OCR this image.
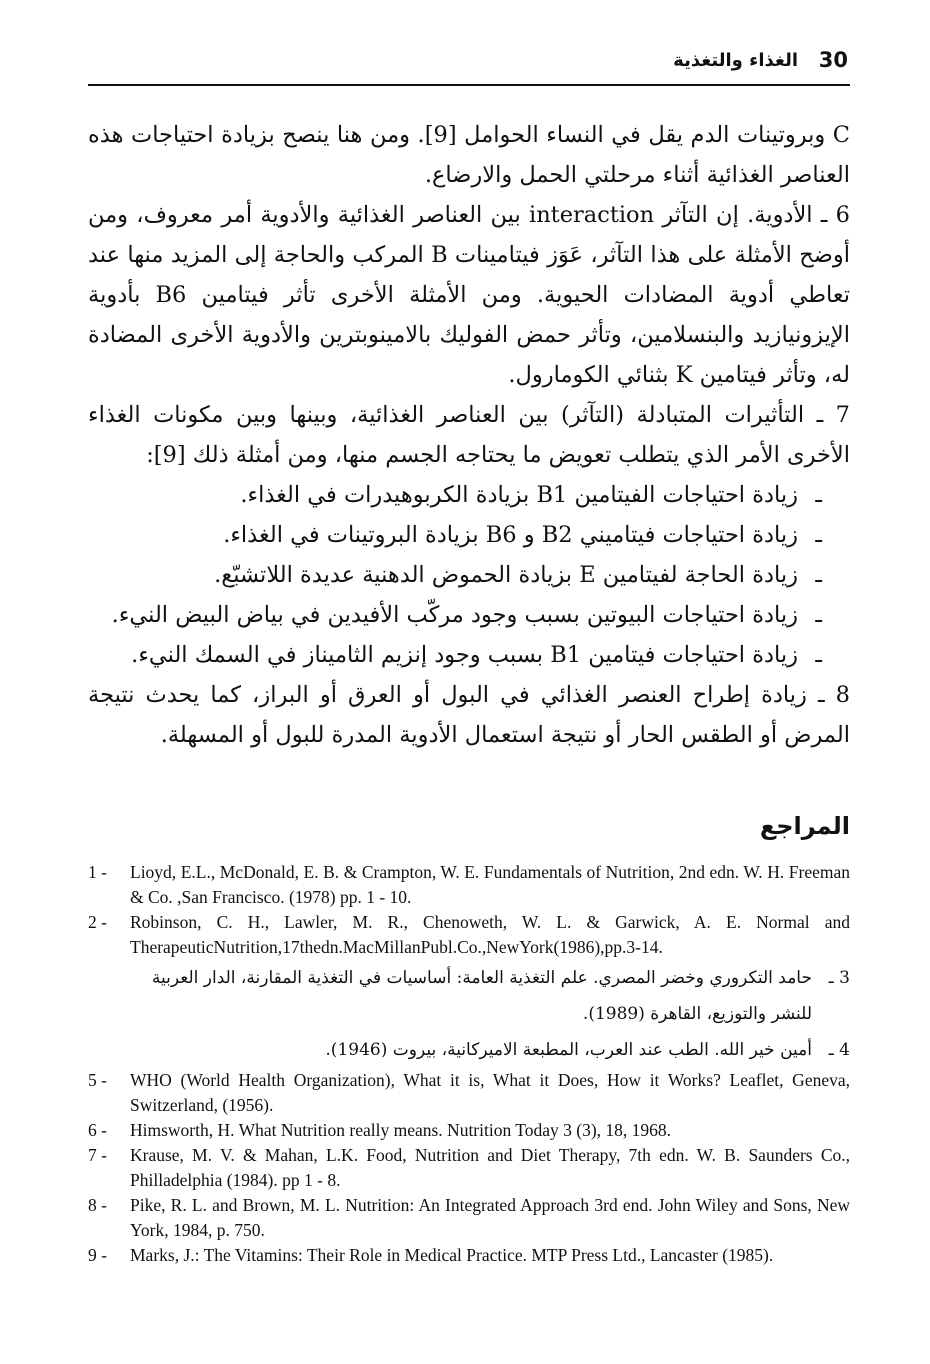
30
الغذاء والتغذية

C وبروتينات الدم يقل في النساء الحوامل [9]. ومن هنا ينصح بزيادة احتياجات هذه العناصر الغذائية أثناء مرحلتي الحمل والارضاع.

6 ـ الأدوية. إن التآثر interaction بين العناصر الغذائية والأدوية أمر معروف، ومن أوضح الأمثلة على هذا التآثر، عَوَز فيتامينات B المركب والحاجة إلى المزيد منها عند تعاطي أدوية المضادات الحيوية. ومن الأمثلة الأخرى تأثر فيتامين B6 بأدوية الإيزونيازيد والبنسلامين، وتأثر حمض الفوليك بالامينوبترين والأدوية الأخرى المضادة له، وتأثر فيتامين K بثنائي الكومارول.

7 ـ التأثيرات المتبادلة (التآثر) بين العناصر الغذائية، وبينها وبين مكونات الغذاء الأخرى الأمر الذي يتطلب تعويض ما يحتاجه الجسم منها، ومن أمثلة ذلك [9]:

ـ زيادة احتياجات الفيتامين B1 بزيادة الكربوهيدرات في الغذاء.
ـ زيادة احتياجات فيتاميني B2 و B6 بزيادة البروتينات في الغذاء.
ـ زيادة الحاجة لفيتامين E بزيادة الحموض الدهنية عديدة اللاتشبّع.
ـ زيادة احتياجات البيوتين بسبب وجود مركّب الأفيدين في بياض البيض النيء.
ـ زيادة احتياجات فيتامين B1 بسبب وجود إنزيم الثاميناز في السمك النيء.

8 ـ زيادة إطراح العنصر الغذائي في البول أو العرق أو البراز، كما يحدث نتيجة المرض أو الطقس الحار أو نتيجة استعمال الأدوية المدرة للبول أو المسهلة.

المراجع
1 -	Lioyd, E.L., McDonald, E. B. & Crampton, W. E. Fundamentals of Nutrition, 2nd edn. W. H. Freeman & Co. ,San Francisco. (1978) pp. 1 - 10.
2 -	Robinson, C. H., Lawler, M. R., Chenoweth, W. L. & Garwick, A. E. Normal and TherapeuticNutrition,17thedn.MacMillanPubl.Co.,NewYork(1986),pp.3-14.
3 ـ
حامد التكروري وخضر المصري. علم التغذية العامة: أساسيات في التغذية المقارنة، الدار العربية للنشر والتوزيع، القاهرة (1989).
4 ـ
أمين خير الله. الطب عند العرب، المطبعة الاميركانية، بيروت (1946).
5 -	WHO (World Health Organization), What it is, What it Does, How it Works? Leaflet, Geneva, Switzerland, (1956).
6 -	Himsworth, H. What Nutrition really means. Nutrition Today 3 (3), 18, 1968.
7 -	Krause, M. V. & Mahan, L.K. Food, Nutrition and Diet Therapy, 7th edn. W. B. Saunders Co., Philladelphia (1984). pp 1 - 8.
8 -	Pike, R. L. and Brown, M. L. Nutrition: An Integrated Approach 3rd end. John Wiley and Sons, New York, 1984, p. 750.
9 -	Marks, J.: The Vitamins: Their Role in Medical Practice. MTP Press Ltd., Lancaster (1985).
